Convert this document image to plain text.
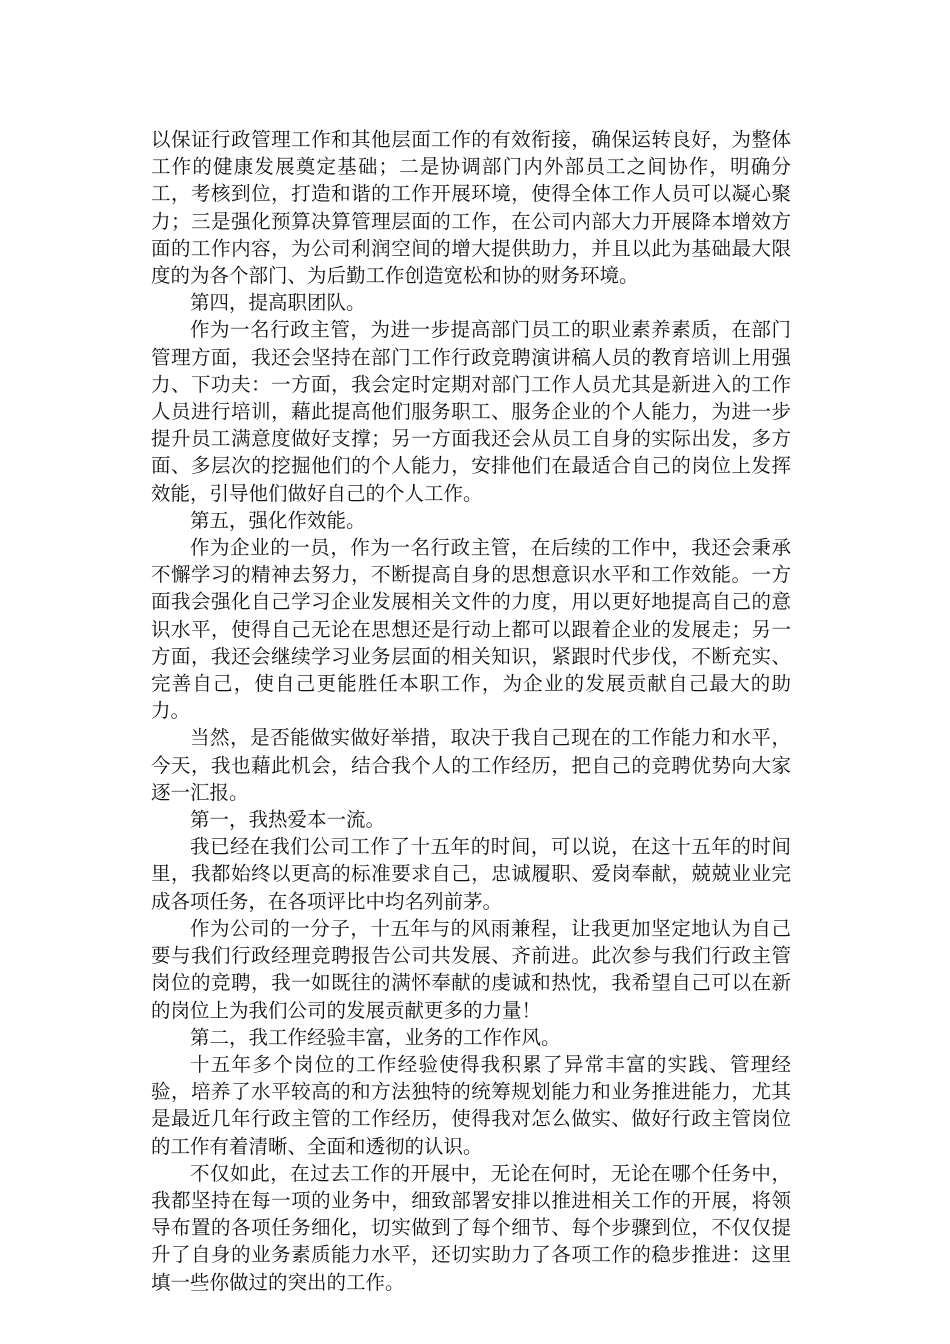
以保证行政管理工作和其他层面工作的有效衔接，确保运转良好，为整体工作的健康发展奠定基础；二是协调部门内外部员工之间协作，明确分工，考核到位，打造和谐的工作开展环境，使得全体工作人员可以凝心聚力；三是强化预算决算管理层面的工作，在公司内部大力开展降本增效方面的工作内容，为公司利润空间的增大提供助力，并且以此为基础最大限度的为各个部门、为后勤工作创造宽松和协的财务环境。

第四，提高职团队。

作为一名行政主管，为进一步提高部门员工的职业素养素质，在部门管理方面，我还会坚持在部门工作行政竞聘演讲稿人员的教育培训上用强力、下功夫：一方面，我会定时定期对部门工作人员尤其是新进入的工作人员进行培训，藉此提高他们服务职工、服务企业的个人能力，为进一步提升员工满意度做好支撑；另一方面我还会从员工自身的实际出发，多方面、多层次的挖掘他们的个人能力，安排他们在最适合自己的岗位上发挥效能，引导他们做好自己的个人工作。

第五，强化作效能。

作为企业的一员，作为一名行政主管，在后续的工作中，我还会秉承不懈学习的精神去努力，不断提高自身的思想意识水平和工作效能。一方面我会强化自己学习企业发展相关文件的力度，用以更好地提高自己的意识水平，使得自己无论在思想还是行动上都可以跟着企业的发展走；另一方面，我还会继续学习业务层面的相关知识，紧跟时代步伐，不断充实、完善自己，使自己更能胜任本职工作，为企业的发展贡献自己最大的助力。

当然，是否能做实做好举措，取决于我自己现在的工作能力和水平，今天，我也藉此机会，结合我个人的工作经历，把自己的竞聘优势向大家逐一汇报。

第一，我热爱本一流。

我已经在我们公司工作了十五年的时间，可以说，在这十五年的时间里，我都始终以更高的标准要求自己，忠诚履职、爱岗奉献，兢兢业业完成各项任务，在各项评比中均名列前茅。

作为公司的一分子，十五年与的风雨兼程，让我更加坚定地认为自己要与我们行政经理竞聘报告公司共发展、齐前进。此次参与我们行政主管岗位的竞聘，我一如既往的满怀奉献的虔诚和热忱，我希望自己可以在新的岗位上为我们公司的发展贡献更多的力量！

第二，我工作经验丰富，业务的工作作风。

十五年多个岗位的工作经验使得我积累了异常丰富的实践、管理经验，培养了水平较高的和方法独特的统筹规划能力和业务推进能力，尤其是最近几年行政主管的工作经历，使得我对怎么做实、做好行政主管岗位的工作有着清晰、全面和透彻的认识。

不仅如此，在过去工作的开展中，无论在何时，无论在哪个任务中，我都坚持在每一项的业务中，细致部署安排以推进相关工作的开展，将领导布置的各项任务细化，切实做到了每个细节、每个步骤到位，不仅仅提升了自身的业务素质能力水平，还切实助力了各项工作的稳步推进：这里填一些你做过的突出的工作。
